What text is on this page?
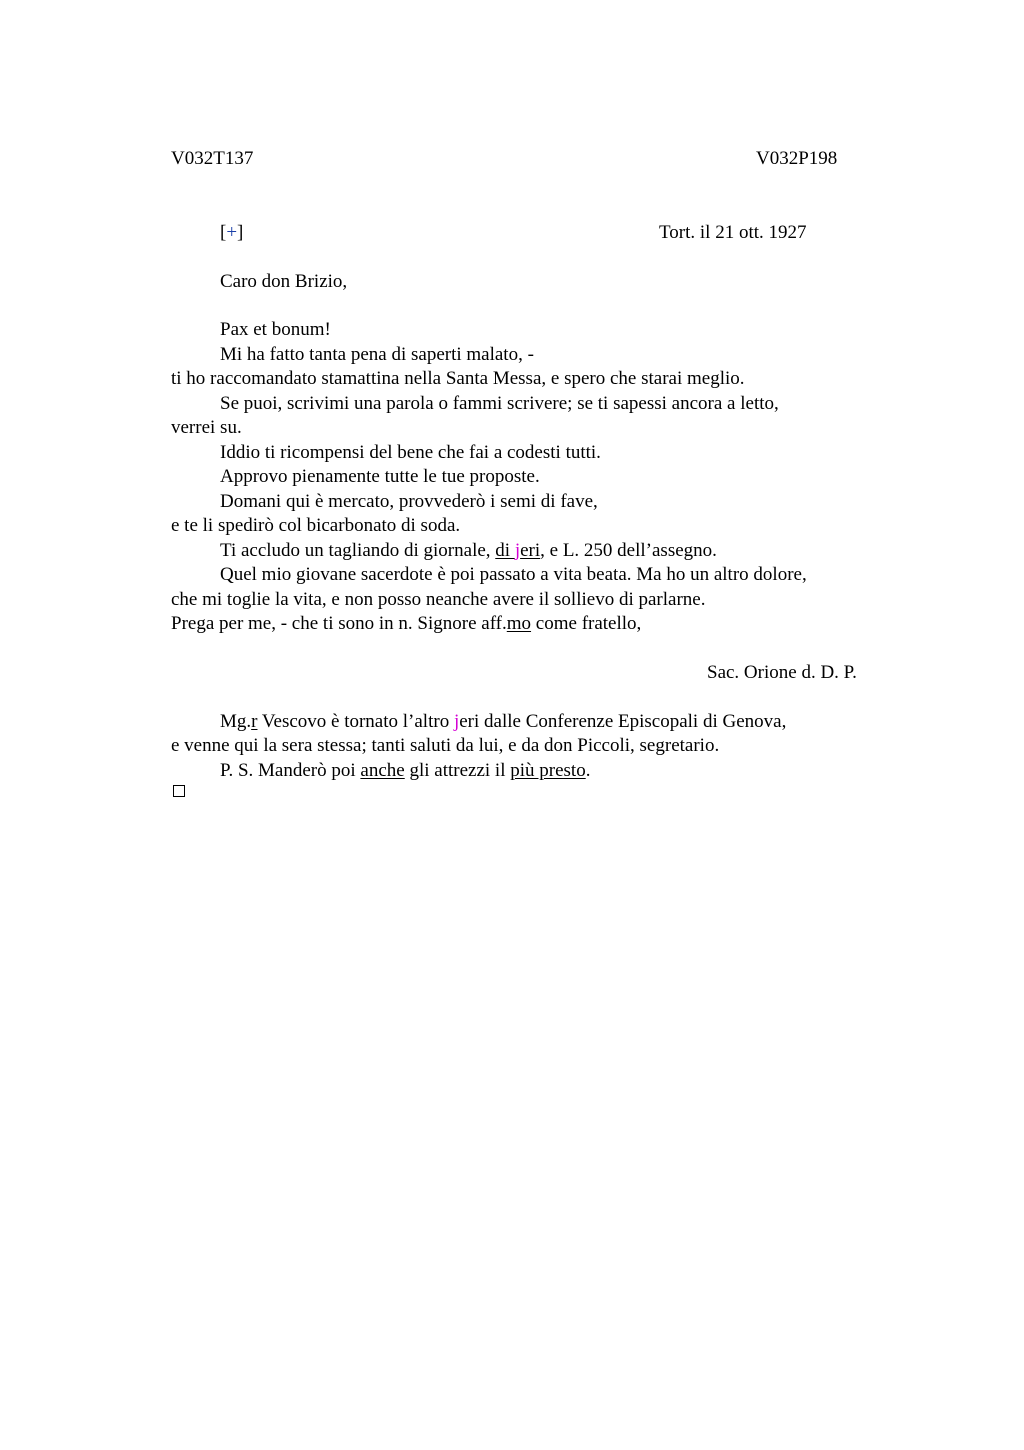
V032T137	V032P198
[+]	Tort. il 21 ott. 1927
Caro don Brizio,
Pax et bonum!
Mi ha fatto tanta pena di saperti malato, -
ti ho raccomandato stamattina nella Santa Messa, e spero che starai meglio.
Se puoi, scrivimi una parola o fammi scrivere; se ti sapessi ancora a letto,
verrei su.
Iddio ti ricompensi del bene che fai a codesti tutti.
Approvo pienamente tutte le tue proposte.
Domani qui è mercato, provvederò i semi di fave,
e te li spedirò col bicarbonato di soda.
Ti accludo un tagliando di giornale, di jeri, e L. 250 dell’assegno.
Quel mio giovane sacerdote è poi passato a vita beata. Ma ho un altro dolore,
che mi toglie la vita, e non posso neanche avere il sollievo di parlarne.
Prega per me, - che ti sono in n. Signore aff.mo come fratello,
Sac. Orione d. D. P.
Mg.r Vescovo è tornato l’altro jeri dalle Conferenze Episcopali di Genova,
e venne qui la sera stessa; tanti saluti da lui, e da don Piccoli, segretario.
P. S. Manderò poi anche gli attrezzi il più presto.
